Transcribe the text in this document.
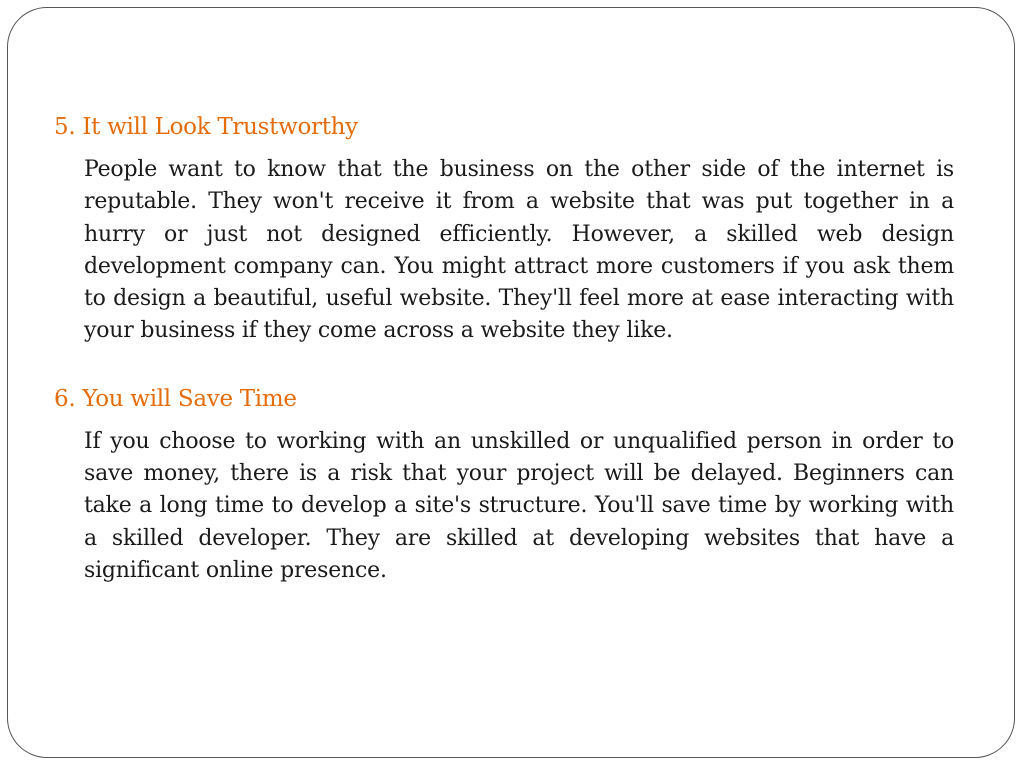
5. It will Look Trustworthy

People want to know that the business on the other side of the internet is reputable. They won't receive it from a website that was put together in a hurry or just not designed efficiently. However, a skilled web design development company can. You might attract more customers if you ask them to design a beautiful, useful website. They'll feel more at ease interacting with your business if they come across a website they like.

6. You will Save Time

If you choose to working with an unskilled or unqualified person in order to save money, there is a risk that your project will be delayed. Beginners can take a long time to develop a site's structure. You'll save time by working with a skilled developer. They are skilled at developing websites that have a significant online presence.
